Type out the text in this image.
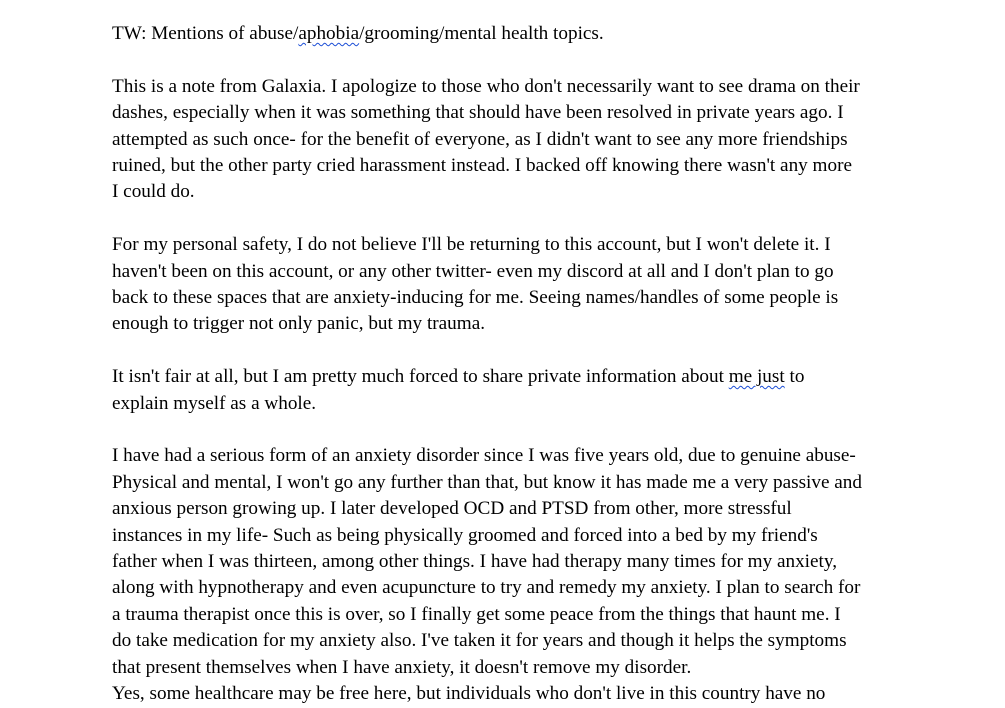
TW: Mentions of abuse/aphobia/grooming/mental health topics.

This is a note from Galaxia. I apologize to those who don't necessarily want to see drama on their
dashes, especially when it was something that should have been resolved in private years ago. I
attempted as such once- for the benefit of everyone, as I didn't want to see any more friendships
ruined, but the other party cried harassment instead. I backed off knowing there wasn't any more
I could do.

For my personal safety, I do not believe I'll be returning to this account, but I won't delete it. I
haven't been on this account, or any other twitter- even my discord at all and I don't plan to go
back to these spaces that are anxiety-inducing for me. Seeing names/handles of some people is
enough to trigger not only panic, but my trauma.

It isn't fair at all, but I am pretty much forced to share private information about me just to
explain myself as a whole.

I have had a serious form of an anxiety disorder since I was five years old, due to genuine abuse-
Physical and mental, I won't go any further than that, but know it has made me a very passive and
anxious person growing up. I later developed OCD and PTSD from other, more stressful
instances in my life- Such as being physically groomed and forced into a bed by my friend's
father when I was thirteen, among other things. I have had therapy many times for my anxiety,
along with hypnotherapy and even acupuncture to try and remedy my anxiety. I plan to search for
a trauma therapist once this is over, so I finally get some peace from the things that haunt me. I
do take medication for my anxiety also. I've taken it for years and though it helps the symptoms
that present themselves when I have anxiety, it doesn't remove my disorder.
Yes, some healthcare may be free here, but individuals who don't live in this country have no
